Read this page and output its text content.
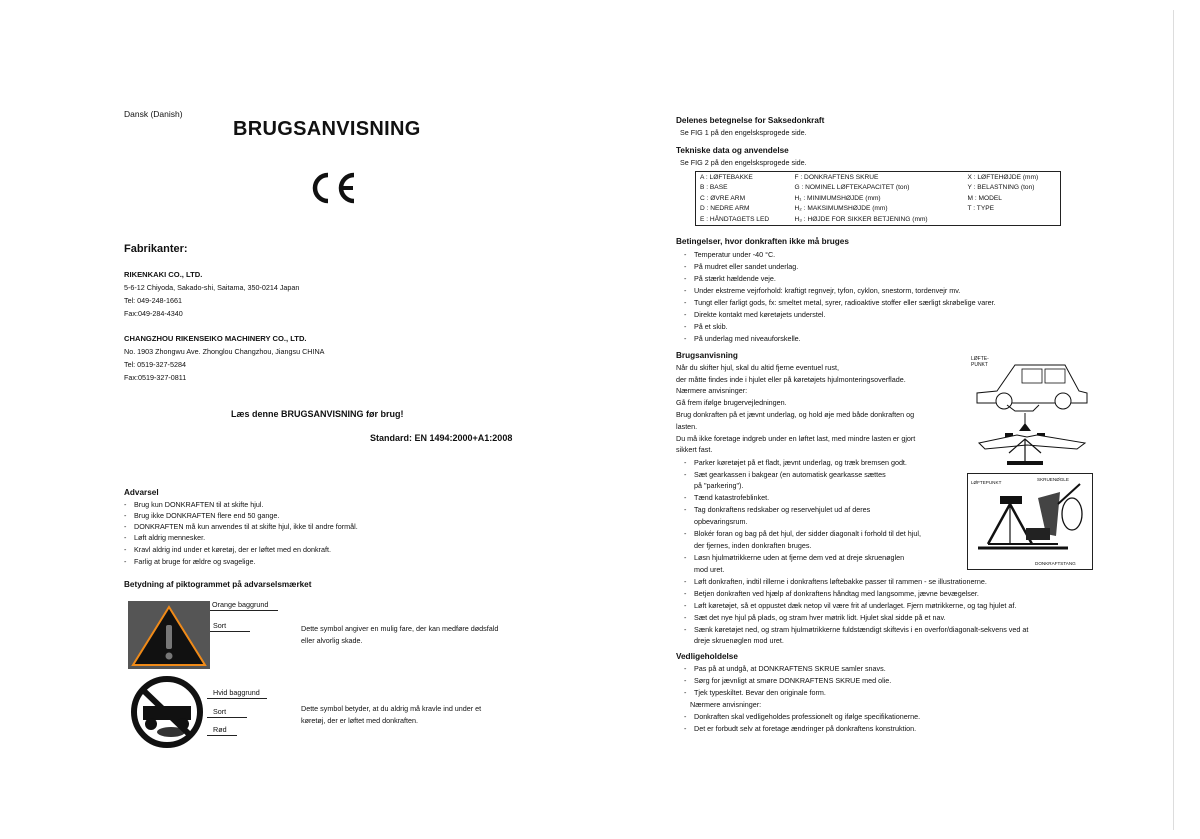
Dansk (Danish)
BRUGSANVISNING
Fabrikanter:
RIKENKAKI CO., LTD.
5-6-12 Chiyoda, Sakado-shi, Saitama, 350-0214 Japan
Tel: 049-248-1661
Fax:049-284-4340
CHANGZHOU RIKENSEIKO MACHINERY CO., LTD.
No. 1903 Zhongwu Ave. Zhonglou Changzhou, Jiangsu CHINA
Tel: 0519-327-5284
Fax:0519-327-0811
Læs denne BRUGSANVISNING før brug!
Standard: EN 1494:2000+A1:2008
Advarsel
- Brug kun DONKRAFTEN til at skifte hjul.
- Brug ikke DONKRAFTEN flere end 50 gange.
- DONKRAFTEN må kun anvendes til at skifte hjul, ikke til andre formål.
- Løft aldrig mennesker.
- Kravl aldrig ind under et køretøj, der er løftet med en donkraft.
- Farlig at bruge for ældre og svagelige.
Betydning af piktogrammet på advarselsmærket
Orange baggrund
Sort	Dette symbol angiver en mulig fare, der kan medføre dødsfald
eller alvorlig skade.
Hvid baggrund
Sort
Rød
Dette symbol betyder, at du aldrig må kravle ind under et
køretøj, der er løftet med donkraften.
Delenes betegnelse for Saksedonkraft
Se FIG 1 på den engelsksprogede side.
Tekniske data og anvendelse
Se FIG 2 på den engelsksprogede side.
A : LØFTEBAKKE	F : DONKRAFTENS SKRUE	X : LØFTEHØJDE (mm)
B : BASE	G : NOMINEL LØFTEKAPACITET (ton)	Y : BELASTNING (ton)
C : ØVRE ARM	H₁ : MINIMUMSHØJDE (mm)	M : MODEL
D : NEDRE ARM	H₂ : MAKSIMUMSHØJDE (mm)	T : TYPE
E : HÅNDTAGETS LED	H₃ : HØJDE FOR SIKKER BETJENING (mm)	
Betingelser, hvor donkraften ikke må bruges
- Temperatur under -40 °C.
- På mudret eller sandet underlag.
- På stærkt hældende veje.
- Under ekstreme vejrforhold: kraftigt regnvejr, tyfon, cyklon, snestorm, tordenvejr mv.
- Tungt eller farligt gods, fx: smeltet metal, syrer, radioaktive stoffer eller særligt skrøbelige varer.
- Direkte kontakt med køretøjets understel.
- På et skib.
- På underlag med niveauforskelle.
Brugsanvisning
Når du skifter hjul, skal du altid fjerne eventuel rust,
der måtte findes inde i hjulet eller på køretøjets hjulmonteringsoverflade.
Nærmere anvisninger:
Gå frem ifølge brugervejledningen.
Brug donkraften på et jævnt underlag, og hold øje med både donkraften og
lasten.
Du må ikke foretage indgreb under en løftet last, med mindre lasten er gjort
sikkert fast.
- Parker køretøjet på et fladt, jævnt underlag, og træk bremsen godt.
- Sæt gearkassen i bakgear (en automatisk gearkasse sættes
på "parkering").
- Tænd katastrofeblinket.
- Tag donkraftens redskaber og reservehjulet ud af deres
opbevaringsrum.
- Blokér foran og bag på det hjul, der sidder diagonalt i forhold til det hjul,
der fjernes, inden donkraften bruges.
- Løsn hjulmøtrikkerne uden at fjerne dem ved at dreje skruenøglen
mod uret.
- Løft donkraften, indtil rillerne i donkraftens løftebakke passer til rammen - se illustrationerne.
- Betjen donkraften ved hjælp af donkraftens håndtag med langsomme, jævne bevægelser.
- Løft køretøjet, så et oppustet dæk netop vil være frit af underlaget. Fjern møtrikkerne, og tag hjulet af.
- Sæt det nye hjul på plads, og stram hver møtrik lidt. Hjulet skal sidde på et nav.
- Sænk køretøjet ned, og stram hjulmøtrikkerne fuldstændigt skiftevis i en overfor/diagonalt-sekvens ved at
dreje skruenøglen mod uret.
LØFTE-
PUNKT
LØFTEPUNKT
SKRUENØGLE
DONKRAFTSTANG
Vedligeholdelse
- Pas på at undgå, at DONKRAFTENS SKRUE samler snavs.
- Sørg for jævnligt at smøre DONKRAFTENS SKRUE med olie.
- Tjek typeskiltet. Bevar den originale form.
Nærmere anvisninger:
- Donkraften skal vedligeholdes professionelt og ifølge specifikationerne.
- Det er forbudt selv at foretage ændringer på donkraftens konstruktion.
